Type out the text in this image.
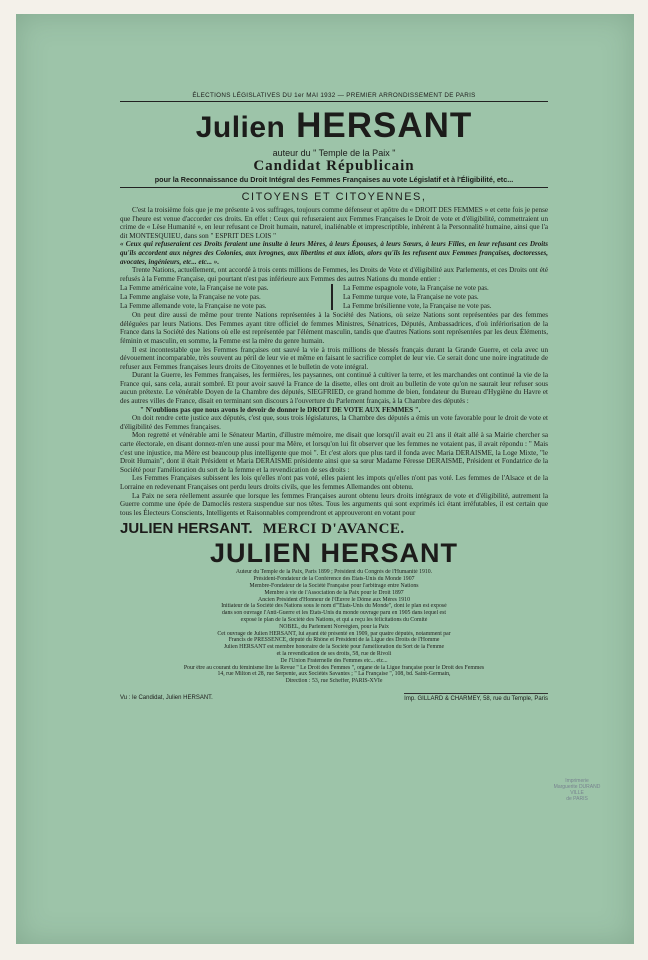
ÉLECTIONS LÉGISLATIVES DU 1er MAI 1932 — PREMIER ARRONDISSEMENT DE PARIS
Julien HERSANT
auteur du " Temple de la Paix "
Candidat Républicain
pour la Reconnaissance du Droit Intégral des Femmes Françaises au vote Législatif et à l'Éligibilité, etc...
CITOYENS ET CITOYENNES,

C'est la troisième fois que je me présente à vos suffrages, toujours comme défenseur et apôtre du « DROIT DES FEMMES » et cette fois je pense que l'heure est venue d'accorder ces droits. En effet : Ceux qui refuseraient aux Femmes Françaises le Droit de vote et d'éligibilité, commettraient un crime de « Lèse Humanité », en leur refusant ce Droit humain, naturel, inaliénable et imprescriptible, inhérent à la Personnalité humaine, ainsi que l'a dit MONTESQUIEU, dans son " ESPRIT DES LOIS "

« Ceux qui refuseraient ces Droits feraient une insulte à leurs Mères, à leurs Épouses, à leurs Sœurs, à leurs Filles, en leur refusant ces Droits qu'ils accordent aux nègres des Colonies, aux ivrognes, aux libertins et aux idiots, alors qu'ils les refusent aux Femmes françaises, doctoresses, avocates, ingénieurs, etc... etc... ».

Trente Nations, actuellement, ont accordé à trois cents millions de Femmes, les Droits de Vote et d'éligibilité aux Parlements, et ces Droits ont été refusés à la Femme Française, qui pourtant n'est pas inférieure aux Femmes des autres Nations du monde entier :

La Femme américaine vote, la Française ne vote pas.
La Femme anglaise vote, la Française ne vote pas.
La Femme allemande vote, la Française ne vote pas.
La Femme espagnole vote, la Française ne vote pas.
La Femme turque vote, la Française ne vote pas.
La Femme brésilienne vote, la Française ne vote pas.

On peut dire aussi de même pour trente Nations représentées à la Société des Nations, où seize Nations sont représentées par des femmes déléguées par leurs Nations. Des Femmes ayant titre officiel de femmes Ministres, Sénatrices, Députés, Ambassadrices, d'où infériorisation de la France dans la Société des Nations où elle est représentée par l'élément masculin, tandis que d'autres Nations sont représentées par les deux Éléments, féminin et masculin, en somme, la Femme est la mère du genre humain.

Il est incontestable que les Femmes françaises ont sauvé la vie à trois millions de blessés français durant la Grande Guerre, et cela avec un dévouement incomparable, très souvent au péril de leur vie et même en faisant le sacrifice complet de leur vie. Ce serait donc une noire ingratitude de refuser aux Femmes françaises leurs droits de Citoyennes et le bulletin de vote intégral.

Durant la Guerre, les Femmes françaises, les fermières, les paysannes, ont continué à cultiver la terre, et les marchandes ont continué la vie de la France qui, sans cela, aurait sombré. Et pour avoir sauvé la France de la disette, elles ont droit au bulletin de vote qu'on ne saurait leur refuser sous aucun prétexte. Le vénérable Doyen de la Chambre des députés, SIEGFRIED, ce grand homme de bien, fondateur du Bureau d'Hygiène du Havre et des autres villes de France, disait en terminant son discours à l'ouverture du Parlement français, à la Chambre des députés :

" N'oublions pas que nous avons le devoir de donner le DROIT DE VOTE AUX FEMMES ".

On doit rendre cette justice aux députés, c'est que, sous trois législatures, la Chambre des députés a émis un vote favorable pour le droit de vote et d'éligibilité des Femmes françaises.

Mon regretté et vénérable ami le Sénateur Martin, d'illustre mémoire, me disait que lorsqu'il avait eu 21 ans il était allé à sa Mairie chercher sa carte électorale, en disant donnez-m'en une aussi pour ma Mère, et lorsqu'on lui fit observer que les femmes ne votaient pas, il avait répondu : " Mais c'est une injustice, ma Mère est beaucoup plus intelligente que moi ". Et c'est alors que plus tard il fonda avec Maria DERAISME, la Loge Mixte, "le Droit Humain", dont il était Président et Maria DERAISME présidente ainsi que sa sœur Madame Féresse DERAISME, Président et Fondatrice de la Société pour l'amélioration du sort de la femme et la revendication de ses droits :

Les Femmes Françaises subissent les lois qu'elles n'ont pas voté, elles paient les impots qu'elles n'ont pas voté. Les femmes de l'Alsace et de la Lorraine en redevenant Françaises ont perdu leurs droits civils, que les femmes Allemandes ont obtenu.

La Paix ne sera réellement assurée que lorsque les femmes Françaises auront obtenu leurs droits intégraux de vote et d'éligibilité, autrement la Guerre comme une épée de Damoclès restera suspendue sur nos têtes. Tous les arguments qui sont exprimés ici étant irréfutables, il est certain que tous les Électeurs Conscients, Intelligents et Raisonnables comprendront et approuveront en votant pour

JULIEN HERSANT. MERCI D'AVANCE.
JULIEN HERSANT
Auteur du Temple de la Paix, Paris 1899 ; Président du Congrès de l'Humanité 1910.
Président-Fondateur de la Conférence des États-Unis du Monde 1907
Membre-Fondateur de la Société Française pour l'arbitrage entre Nations
Membre à vie de l'Association de la Paix pour le Droit 1897
Ancien Président d'Honneur de l'Œuvre le Dôme aux Mères 1910
Initiateur de la Société des Nations sous le nom d'"États-Unis du Monde", dont le plan est exposé
dans son ouvrage l'Anti-Guerre et les États-Unis du monde ouvrage paru en 1905 dans lequel est
exposé le plan de la Société des Nations, et qui a reçu les félicitations du Comité
NOBEL, du Parlement Norvégien, pour la Paix
Cet ouvrage de Julien HERSANT, lui ayant été présenté en 1909, par quatre députés, notamment par
Francis de PRESSENCE, député du Rhône et Président de la Ligue des Droits de l'Homme
Julien HERSANT est membre honoraire de la Société pour l'amélioration du Sort de la Femme
et la revendication de ses droits, 58, rue de Rivoli
De l'Union Fraternelle des Femmes etc... etc...
Pour être au courant du féminisme lire la Revue " Le Droit des Femmes ", organe de la Ligue française pour le Droit des Femmes
14, rue Milton et 28, rue Serpente, aux Sociétés Savantes ; " La Française ", 108, bd. Saint-Germain,
Direction : 53, rue Scheffer, PARIS-XVIe
Vu : le Candidat, Julien HERSANT.	Imp. GILLARD & CHARMEY, 58, rue du Temple, Paris
Imprimerie
Marguerite DURAND
VILLE
de PARIS
